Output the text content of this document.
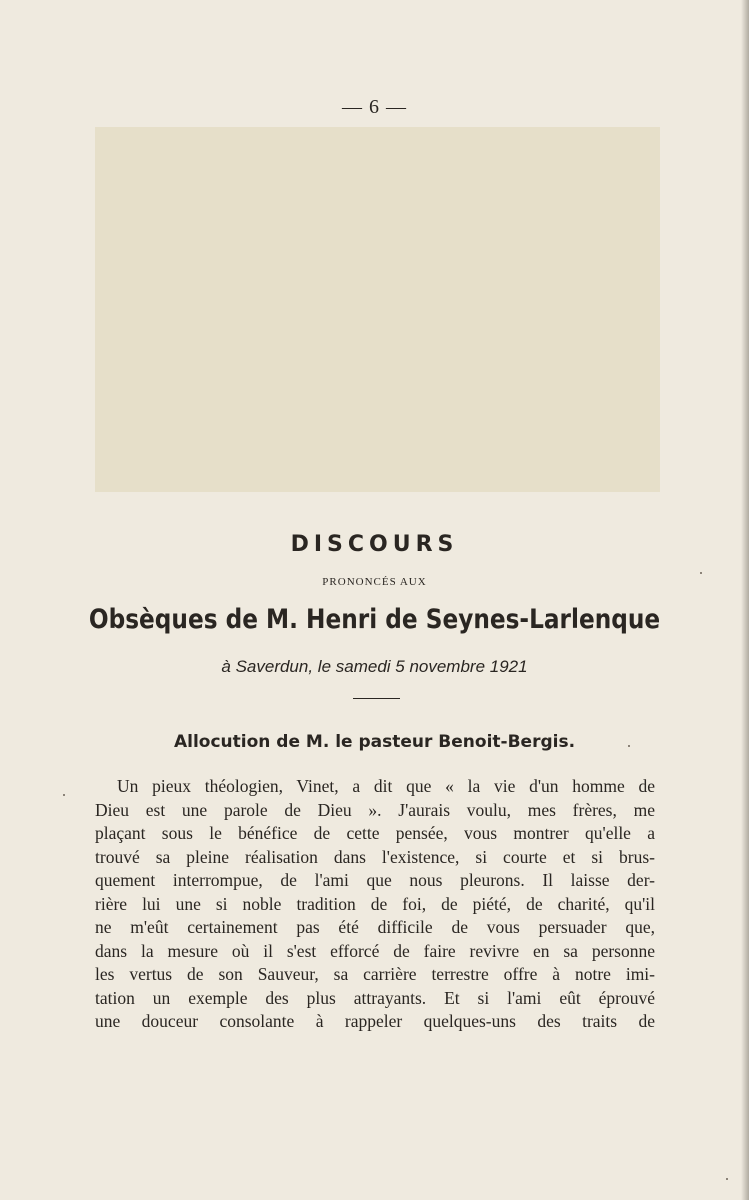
— 6 —
DISCOURS
PRONONCÉS AUX
Obsèques de M. Henri de Seynes-Larlenque
à Saverdun, le samedi 5 novembre 1921
Allocution de M. le pasteur Benoit-Bergis.
Un pieux théologien, Vinet, a dit que « la vie d'un homme de
Dieu est une parole de Dieu ». J'aurais voulu, mes frères, me
plaçant sous le bénéfice de cette pensée, vous montrer qu'elle a
trouvé sa pleine réalisation dans l'existence, si courte et si brus-
quement interrompue, de l'ami que nous pleurons. Il laisse der-
rière lui une si noble tradition de foi, de piété, de charité, qu'il
ne m'eût certainement pas été difficile de vous persuader que,
dans la mesure où il s'est efforcé de faire revivre en sa personne
les vertus de son Sauveur, sa carrière terrestre offre à notre imi-
tation un exemple des plus attrayants. Et si l'ami eût éprouvé
une douceur consolante à rappeler quelques-uns des traits de
